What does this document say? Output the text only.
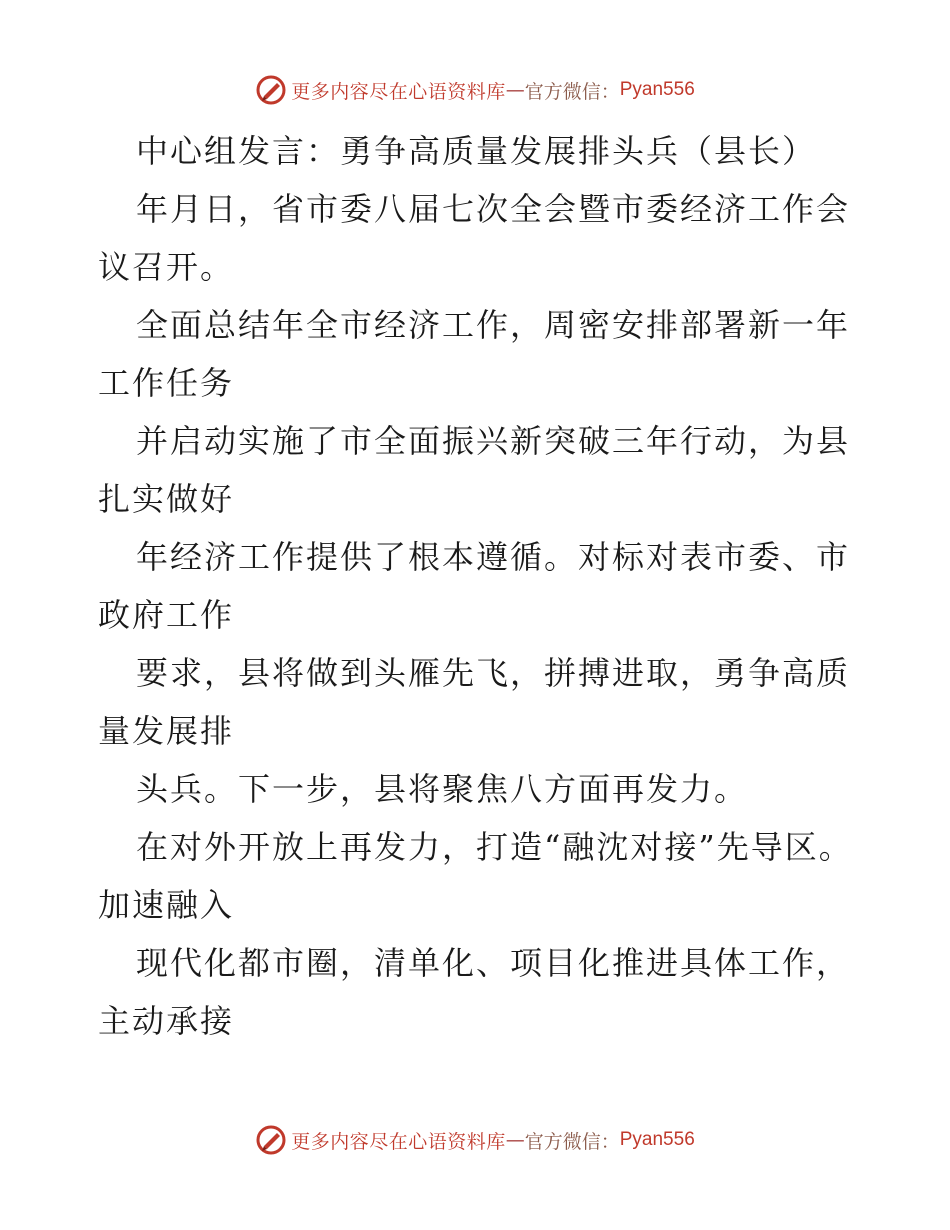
更多内容尽在心语资料库 — 官方微信： Pyan556

中心组发言：勇争高质量发展排头兵（县长）

年月日，省市委八届七次全会暨市委经济工作会议召开。

全面总结年全市经济工作，周密安排部署新一年工作任务

并启动实施了市全面振兴新突破三年行动，为县扎实做好

年经济工作提供了根本遵循。对标对表市委、市政府工作

要求，县将做到头雁先飞，拼搏进取，勇争高质量发展排

头兵。下一步，县将聚焦八方面再发力。

在对外开放上再发力，打造“融沈对接”先导区。加速融入

现代化都市圈，清单化、项目化推进具体工作，主动承接

更多内容尽在心语资料库 — 官方微信： Pyan556
